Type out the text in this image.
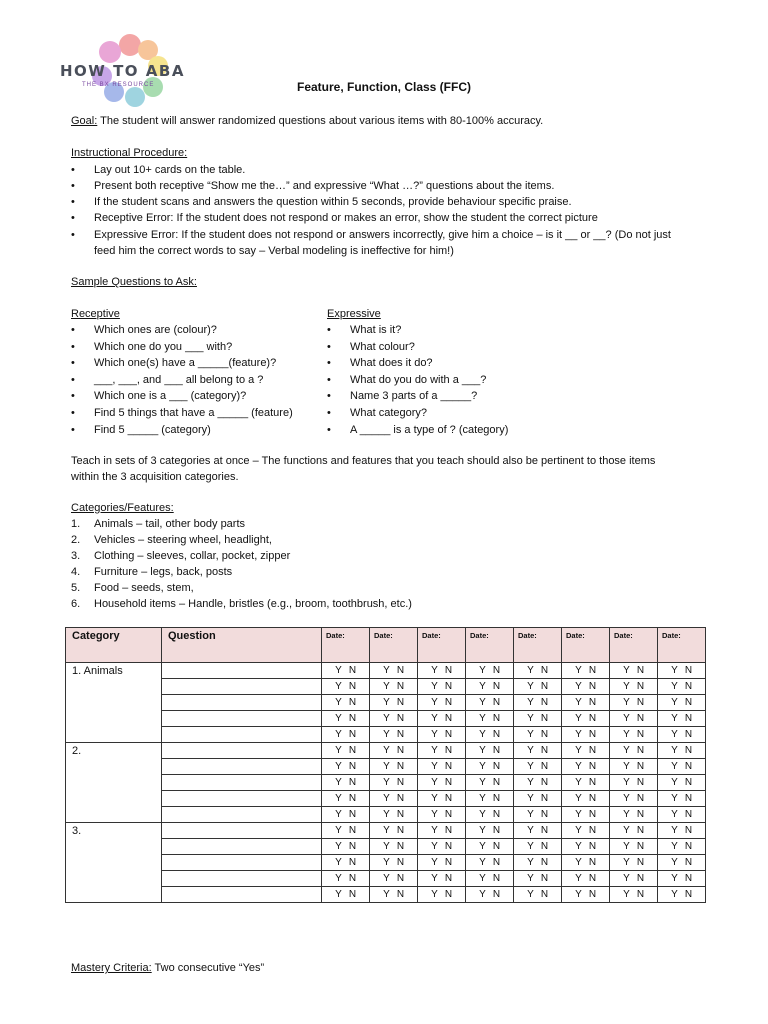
HOW TO ABA
THE BX RESOURCE	Feature, Function, Class (FFC)
Goal: The student will answer randomized questions about various items with 80-100% accuracy.
Instructional Procedure:
• Lay out 10+ cards on the table.
• Present both receptive “Show me the…” and expressive “What …?” questions about the items.
• If the student scans and answers the question within 5 seconds, provide behaviour specific praise.
• Receptive Error: If the student does not respond or makes an error, show the student the correct picture
• Expressive Error: If the student does not respond or answers incorrectly, give him a choice – is it __ or __? (Do not just
feed him the correct words to say – Verbal modeling is ineffective for him!)
Sample Questions to Ask:
Receptive	Expressive
• Which ones are (colour)?
• Which one do you ___ with?
• Which one(s) have a _____(feature)?
• ___, ___, and ___ all belong to a ?
• Which one is a ___ (category)?
• Find 5 things that have a _____ (feature)
• Find 5 _____ (category)
• What is it?
• What colour?
• What does it do?
• What do you do with a ___?
• Name 3 parts of a _____?
• What category?
• A _____ is a type of ? (category)
Teach in sets of 3 categories at once – The functions and features that you teach should also be pertinent to those items
within the 3 acquisition categories.
Categories/Features:
1. Animals – tail, other body parts
2. Vehicles – steering wheel, headlight,
3. Clothing – sleeves, collar, pocket, zipper
4. Furniture – legs, back, posts
5. Food – seeds, stem,
6. Household items – Handle, bristles (e.g., broom, toothbrush, etc.)
Category	Question	Date:	Date:	Date:	Date:	Date:	Date:	Date:	Date:
1. Animals		Y N	Y N	Y N	Y N	Y N	Y N	Y N	Y N
		Y N	Y N	Y N	Y N	Y N	Y N	Y N	Y N
		Y N	Y N	Y N	Y N	Y N	Y N	Y N	Y N
		Y N	Y N	Y N	Y N	Y N	Y N	Y N	Y N
		Y N	Y N	Y N	Y N	Y N	Y N	Y N	Y N
2.		Y N	Y N	Y N	Y N	Y N	Y N	Y N	Y N
		Y N	Y N	Y N	Y N	Y N	Y N	Y N	Y N
		Y N	Y N	Y N	Y N	Y N	Y N	Y N	Y N
		Y N	Y N	Y N	Y N	Y N	Y N	Y N	Y N
		Y N	Y N	Y N	Y N	Y N	Y N	Y N	Y N
3.		Y N	Y N	Y N	Y N	Y N	Y N	Y N	Y N
		Y N	Y N	Y N	Y N	Y N	Y N	Y N	Y N
		Y N	Y N	Y N	Y N	Y N	Y N	Y N	Y N
		Y N	Y N	Y N	Y N	Y N	Y N	Y N	Y N
		Y N	Y N	Y N	Y N	Y N	Y N	Y N	Y N
Mastery Criteria: Two consecutive “Yes”
